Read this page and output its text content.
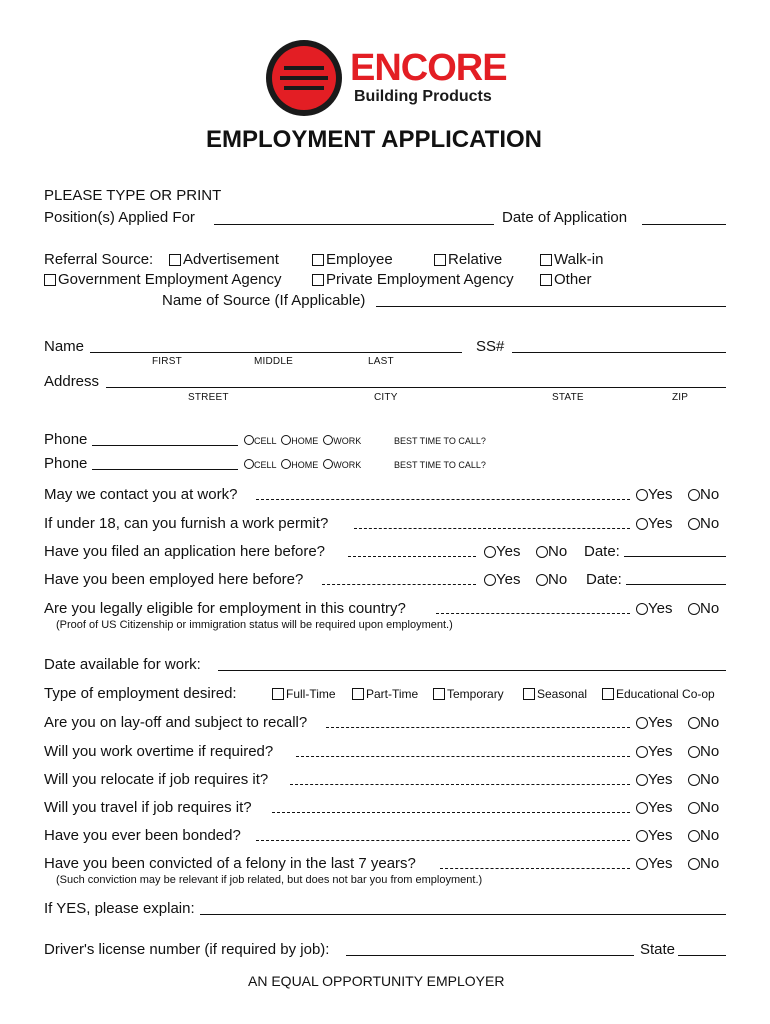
ENCORE
Building Products
EMPLOYMENT APPLICATION
PLEASE TYPE OR PRINT
Position(s) Applied For	Date of Application
Referral Source:	Advertisement	Employee	Relative	Walk-in
Government Employment Agency	Private Employment Agency	Other
Name of Source (If Applicable)
Name
FIRST	MIDDLE	LAST
SS#
Address
STREET	CITY	STATE	ZIP
Phone	CELL HOME WORK	BEST TIME TO CALL?
Phone	CELL HOME WORK	BEST TIME TO CALL?
May we contact you at work?	Yes	No
If under 18, can you furnish a work permit?	Yes	No
Have you filed an application here before?	Yes	No Date:
Have you been employed here before?	Yes	No Date:
Are you legally eligible for employment in this country?	Yes	No
(Proof of US Citizenship or immigration status will be required upon employment.)
Date available for work:
Type of employment desired:	Full-Time	Part-Time	Temporary	Seasonal	Educational Co-op
Are you on lay-off and subject to recall?	Yes	No
Will you work overtime if required?	Yes	No
Will you relocate if job requires it?	Yes	No
Will you travel if job requires it?	Yes	No
Have you ever been bonded?	Yes	No
Have you been convicted of a felony in the last 7 years?	Yes	No
(Such conviction may be relevant if job related, but does not bar you from employment.)
If YES, please explain:
Driver's license number (if required by job):	State
AN EQUAL OPPORTUNITY EMPLOYER
